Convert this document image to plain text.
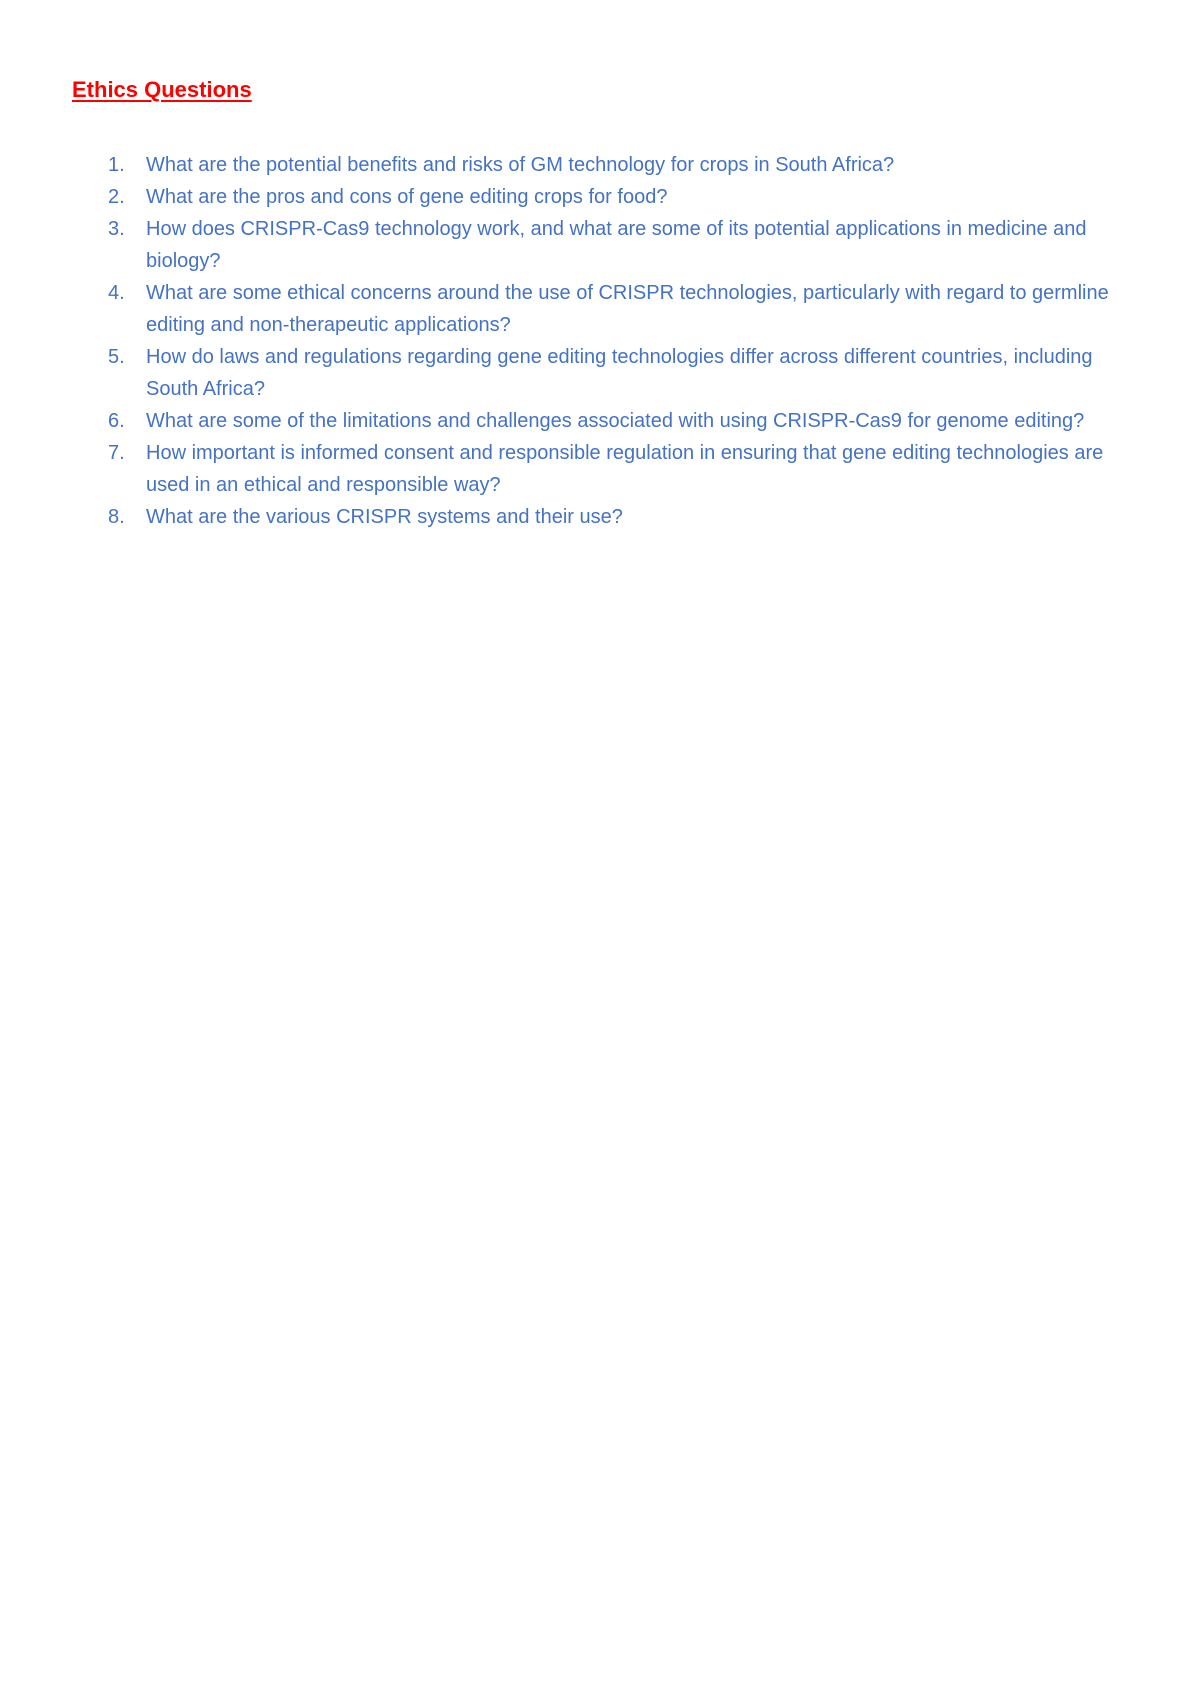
Ethics Questions
1.	What are the potential benefits and risks of GM technology for crops in South Africa?
2.	What are the pros and cons of gene editing crops for food?
3.	How does CRISPR-Cas9 technology work, and what are some of its potential applications in medicine and biology?
4.	What are some ethical concerns around the use of CRISPR technologies, particularly with regard to germline editing and non-therapeutic applications?
5.	How do laws and regulations regarding gene editing technologies differ across different countries, including South Africa?
6.	What are some of the limitations and challenges associated with using CRISPR-Cas9 for genome editing?
7.	How important is informed consent and responsible regulation in ensuring that gene editing technologies are used in an ethical and responsible way?
8.	What are the various CRISPR systems and their use?
